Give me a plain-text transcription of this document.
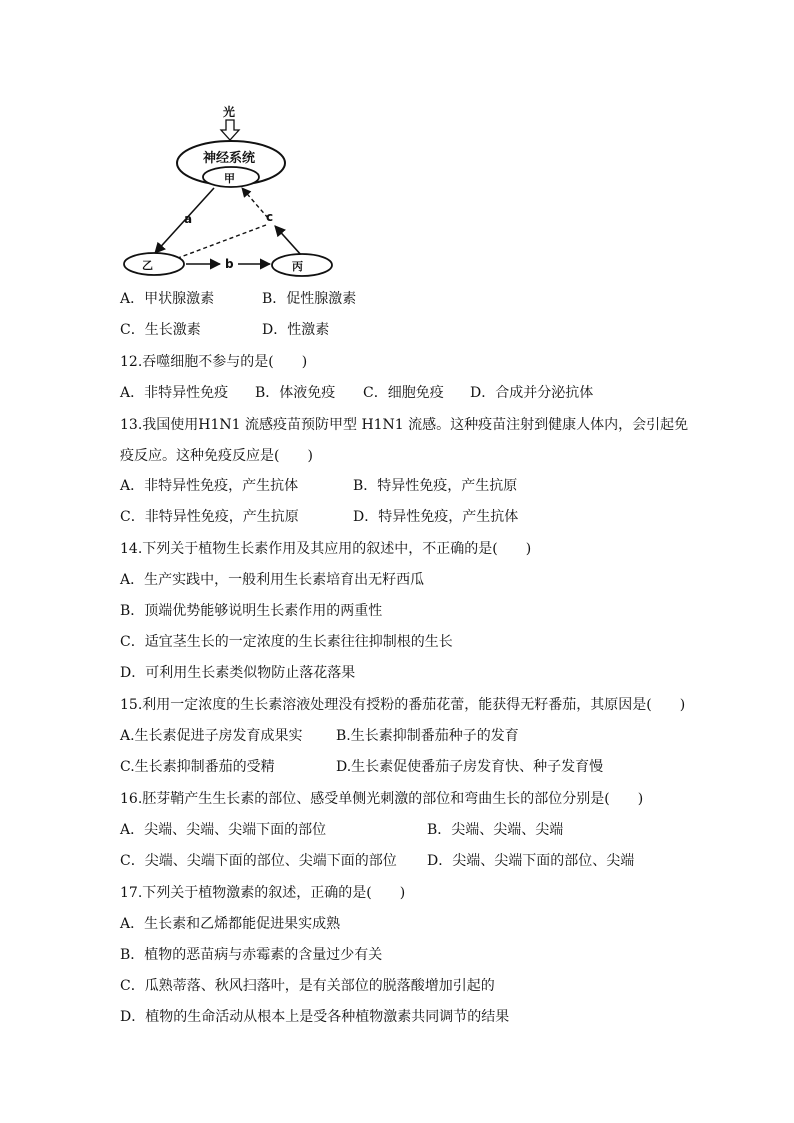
光
神经系统
甲
a	c
乙	b	丙
A．甲状腺激素	B．促性腺激素
C．生长激素	D．性激素
12.吞噬细胞不参与的是(　　)
A．非特异性免疫 B．体液免疫 C．细胞免疫 D．合成并分泌抗体
13.我国使用H1N1 流感疫苗预防甲型 H1N1 流感。这种疫苗注射到健康人体内，会引起免
疫反应。这种免疫反应是(　　)
A．非特异性免疫，产生抗体	B．特异性免疫，产生抗原
C．非特异性免疫，产生抗原	D．特异性免疫，产生抗体
14.下列关于植物生长素作用及其应用的叙述中，不正确的是(　　)
A．生产实践中，一般利用生长素培育出无籽西瓜
B．顶端优势能够说明生长素作用的两重性
C．适宜茎生长的一定浓度的生长素往往抑制根的生长
D．可利用生长素类似物防止落花落果
15.利用一定浓度的生长素溶液处理没有授粉的番茄花蕾，能获得无籽番茄，其原因是(　　)
A.生长素促进子房发育成果实 B.生长素抑制番茄种子的发育
C.生长素抑制番茄的受精	D.生长素促使番茄子房发育快、种子发育慢
16.胚芽鞘产生生长素的部位、感受单侧光刺激的部位和弯曲生长的部位分别是(　　)
A．尖端、尖端、尖端下面的部位	B．尖端、尖端、尖端
C．尖端、尖端下面的部位、尖端下面的部位 D．尖端、尖端下面的部位、尖端
17.下列关于植物激素的叙述，正确的是(　　)
A．生长素和乙烯都能促进果实成熟
B．植物的恶苗病与赤霉素的含量过少有关
C．瓜熟蒂落、秋风扫落叶，是有关部位的脱落酸增加引起的
D．植物的生命活动从根本上是受各种植物激素共同调节的结果
